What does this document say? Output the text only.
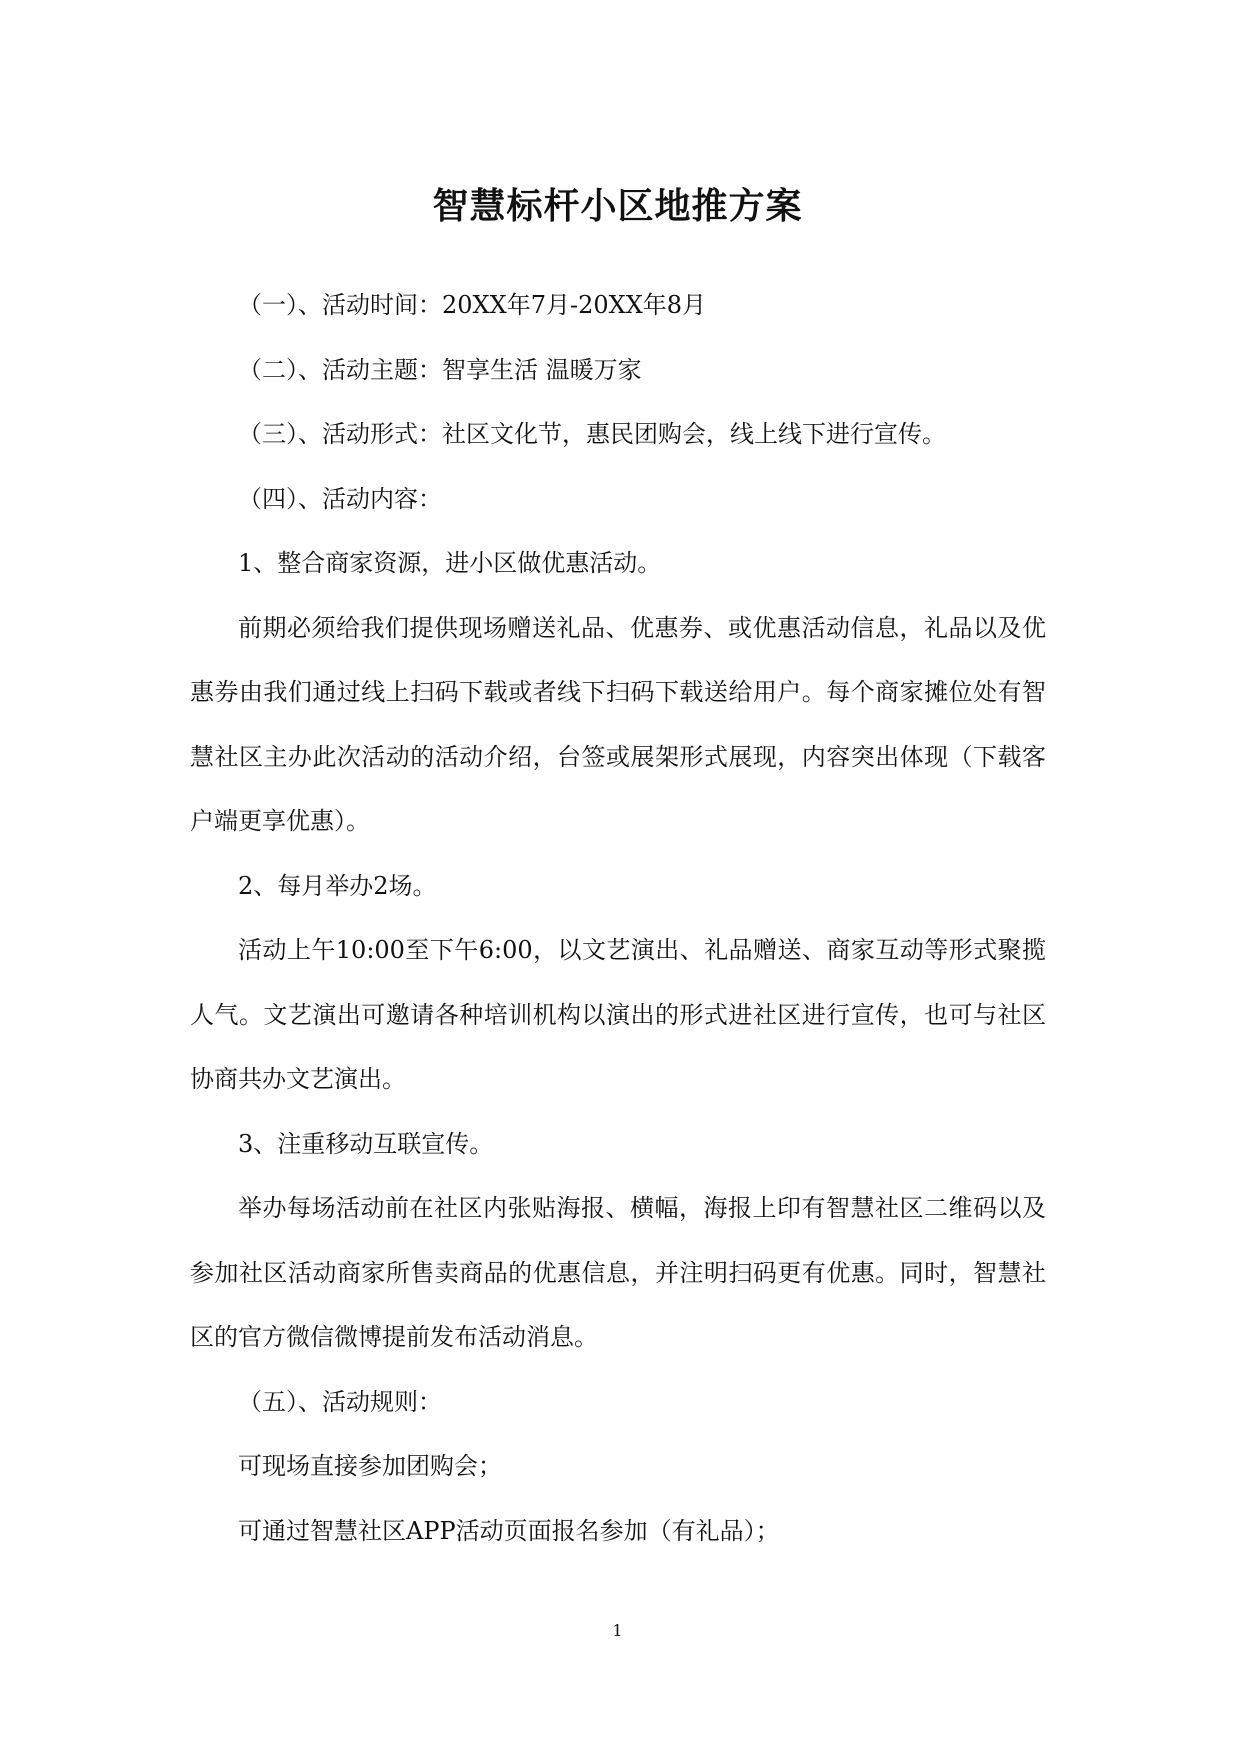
智慧标杆小区地推方案

（一）、活动时间：20XX年7月-20XX年8月

（二）、活动主题：智享生活 温暖万家

（三）、活动形式：社区文化节，惠民团购会，线上线下进行宣传。

（四）、活动内容：

1、整合商家资源，进小区做优惠活动。

前期必须给我们提供现场赠送礼品、优惠券、或优惠活动信息，礼品以及优惠券由我们通过线上扫码下载或者线下扫码下载送给用户。每个商家摊位处有智慧社区主办此次活动的活动介绍，台签或展架形式展现，内容突出体现（下载客户端更享优惠）。

2、每月举办2场。

活动上午10:00至下午6:00，以文艺演出、礼品赠送、商家互动等形式聚揽人气。文艺演出可邀请各种培训机构以演出的形式进社区进行宣传，也可与社区协商共办文艺演出。

3、注重移动互联宣传。

举办每场活动前在社区内张贴海报、横幅，海报上印有智慧社区二维码以及参加社区活动商家所售卖商品的优惠信息，并注明扫码更有优惠。同时，智慧社区的官方微信微博提前发布活动消息。

（五）、活动规则：

可现场直接参加团购会；

可通过智慧社区APP活动页面报名参加（有礼品）；

1
